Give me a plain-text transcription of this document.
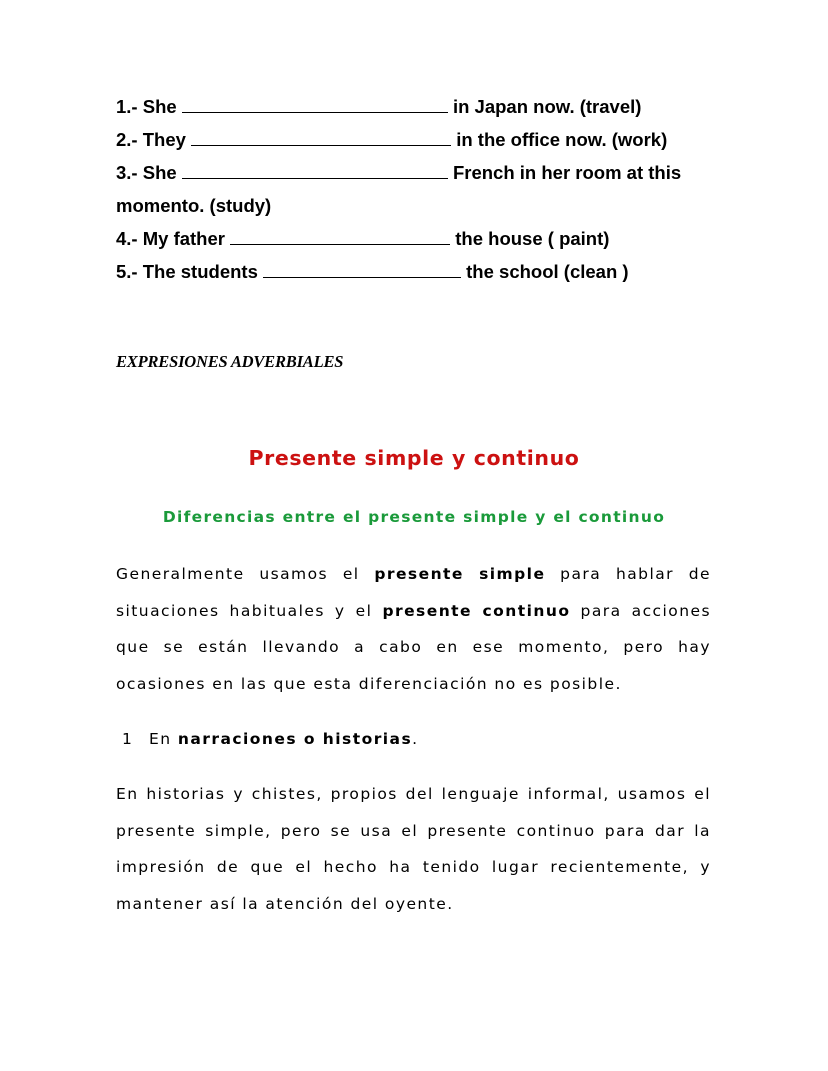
1.- She	in Japan now. (travel)
2.- They	in the office now. (work)
3.- She	French in her room at this
momento. (study)
4.- My father	the house ( paint)
5.- The students	the school (clean )
EXPRESIONES ADVERBIALES
Presente simple y continuo
Diferencias entre el presente simple y el continuo

Generalmente usamos el presente simple para hablar de situaciones habituales y el presente continuo para acciones que se están llevando a cabo en ese momento, pero hay ocasiones en las que esta diferenciación no es posible.

1 En narraciones o historias.

En historias y chistes, propios del lenguaje informal, usamos el presente simple, pero se usa el presente continuo para dar la impresión de que el hecho ha tenido lugar recientemente, y mantener así la atención del oyente.
